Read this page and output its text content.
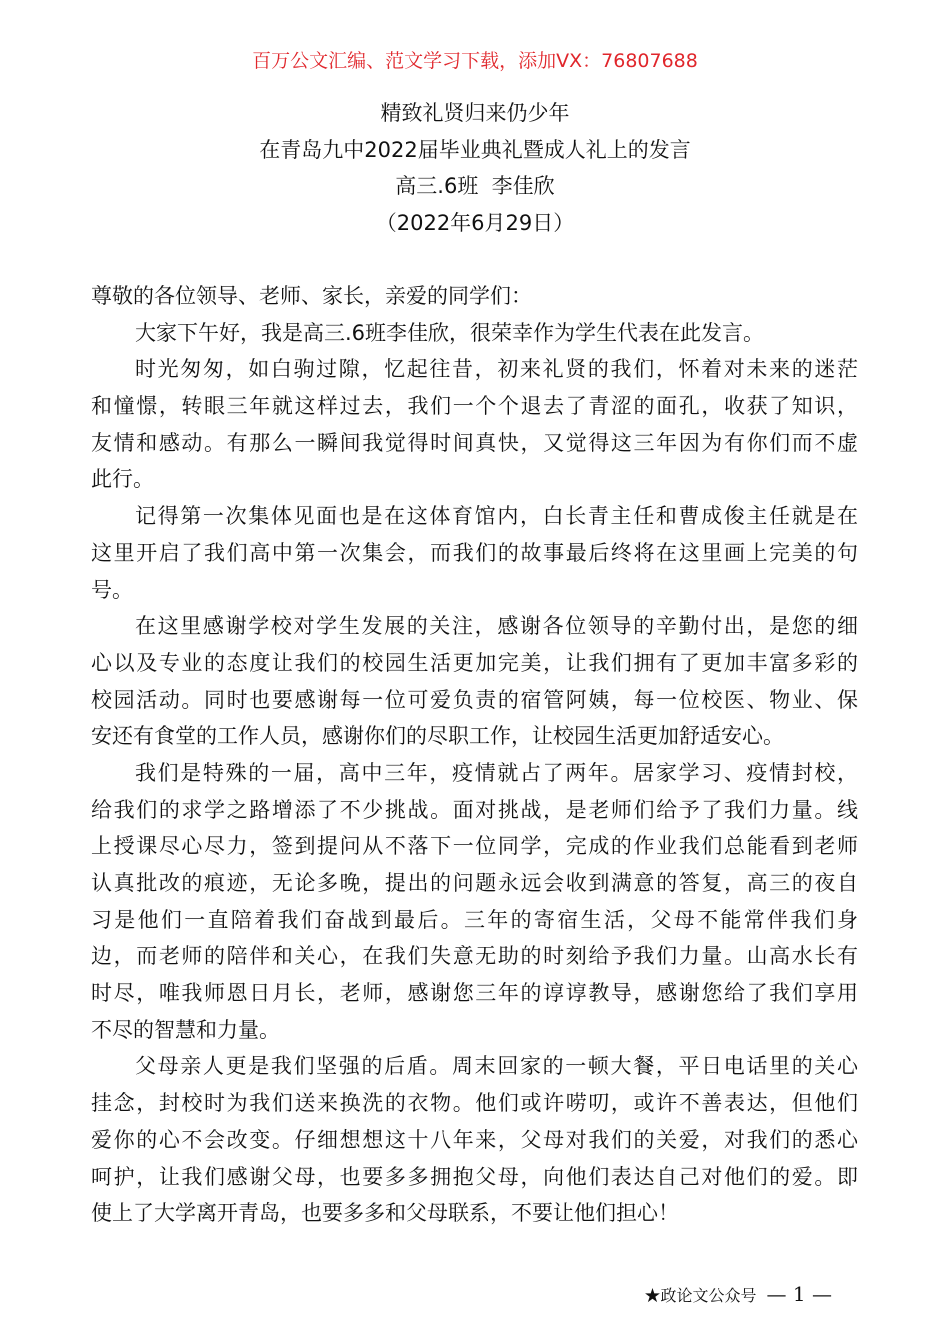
百万公文汇编、范文学习下载，添加VX：76807688
精致礼贤归来仍少年
在青岛九中2022届毕业典礼暨成人礼上的发言
高三.6班  李佳欣
（2022年6月29日）
尊敬的各位领导、老师、家长，亲爱的同学们：
大家下午好，我是高三.6班李佳欣，很荣幸作为学生代表在此发言。
时光匆匆，如白驹过隙，忆起往昔，初来礼贤的我们，怀着对未来的迷茫
和憧憬，转眼三年就这样过去，我们一个个退去了青涩的面孔，收获了知识，
友情和感动。有那么一瞬间我觉得时间真快，又觉得这三年因为有你们而不虚
此行。
记得第一次集体见面也是在这体育馆内，白长青主任和曹成俊主任就是在
这里开启了我们高中第一次集会，而我们的故事最后终将在这里画上完美的句
号。
在这里感谢学校对学生发展的关注，感谢各位领导的辛勤付出，是您的细
心以及专业的态度让我们的校园生活更加完美，让我们拥有了更加丰富多彩的
校园活动。同时也要感谢每一位可爱负责的宿管阿姨，每一位校医、物业、保
安还有食堂的工作人员，感谢你们的尽职工作，让校园生活更加舒适安心。
我们是特殊的一届，高中三年，疫情就占了两年。居家学习、疫情封校，
给我们的求学之路增添了不少挑战。面对挑战，是老师们给予了我们力量。线
上授课尽心尽力，签到提问从不落下一位同学，完成的作业我们总能看到老师
认真批改的痕迹，无论多晚，提出的问题永远会收到满意的答复，高三的夜自
习是他们一直陪着我们奋战到最后。三年的寄宿生活，父母不能常伴我们身
边，而老师的陪伴和关心，在我们失意无助的时刻给予我们力量。山高水长有
时尽，唯我师恩日月长，老师，感谢您三年的谆谆教导，感谢您给了我们享用
不尽的智慧和力量。
父母亲人更是我们坚强的后盾。周末回家的一顿大餐，平日电话里的关心
挂念，封校时为我们送来换洗的衣物。他们或许唠叨，或许不善表达，但他们
爱你的心不会改变。仔细想想这十八年来，父母对我们的关爱，对我们的悉心
呵护，让我们感谢父母，也要多多拥抱父母，向他们表达自己对他们的爱。即
使上了大学离开青岛，也要多多和父母联系，不要让他们担心！
★政论文公众号 — 1 —
